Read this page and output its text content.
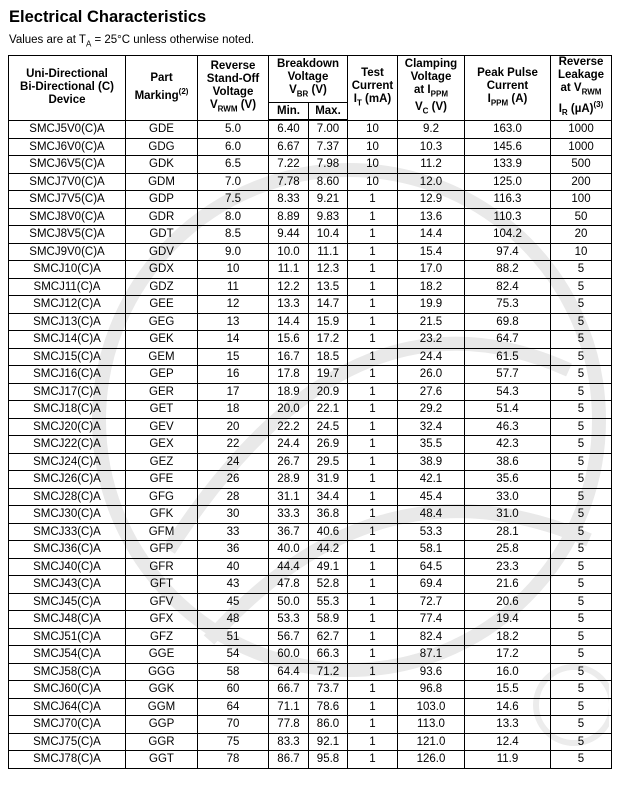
Electrical Characteristics
Values are at $T_A = 25^\circ C$ unless otherwise noted.
Uni-Directional
Bi-Directional (C)
Device	Part Marking$^{(2)}$	Reverse
Stand-Off
Voltage
$V_{RWM}$ (V)	Breakdown
Voltage
$V_{BR}$ (V)		Test
Current
$I_T$ (mA)	Clamping
Voltage
at $I_{PPM}$
$V_C$ (V)	Peak Pulse
Current
$I_{PPM}$ (A)	Reverse
Leakage
at $V_{RWM}$
$I_R$ $(\mu A)^{(3)}$
			Min.	Max.				
SMCJ5V0(C)A	GDE	5.0	6.40	7.00	10	9.2	163.0	1000
SMCJ6V0(C)A	GDG	6.0	6.67	7.37	10	10.3	145.6	1000
SMCJ6V5(C)A	GDK	6.5	7.22	7.98	10	11.2	133.9	500
SMCJ7V0(C)A	GDM	7.0	7.78	8.60	10	12.0	125.0	200
SMCJ7V5(C)A	GDP	7.5	8.33	9.21	1	12.9	116.3	100
SMCJ8V0(C)A	GDR	8.0	8.89	9.83	1	13.6	110.3	50
SMCJ8V5(C)A	GDT	8.5	9.44	10.4	1	14.4	104.2	20
SMCJ9V0(C)A	GDV	9.0	10.0	11.1	1	15.4	97.4	10
SMCJ10(C)A	GDX	10	11.1	12.3	1	17.0	88.2	5
SMCJ11(C)A	GDZ	11	12.2	13.5	1	18.2	82.4	5
SMCJ12(C)A	GEE	12	13.3	14.7	1	19.9	75.3	5
SMCJ13(C)A	GEG	13	14.4	15.9	1	21.5	69.8	5
SMCJ14(C)A	GEK	14	15.6	17.2	1	23.2	64.7	5
SMCJ15(C)A	GEM	15	16.7	18.5	1	24.4	61.5	5
SMCJ16(C)A	GEP	16	17.8	19.7	1	26.0	57.7	5
SMCJ17(C)A	GER	17	18.9	20.9	1	27.6	54.3	5
SMCJ18(C)A	GET	18	20.0	22.1	1	29.2	51.4	5
SMCJ20(C)A	GEV	20	22.2	24.5	1	32.4	46.3	5
SMCJ22(C)A	GEX	22	24.4	26.9	1	35.5	42.3	5
SMCJ24(C)A	GEZ	24	26.7	29.5	1	38.9	38.6	5
SMCJ26(C)A	GFE	26	28.9	31.9	1	42.1	35.6	5
SMCJ28(C)A	GFG	28	31.1	34.4	1	45.4	33.0	5
SMCJ30(C)A	GFK	30	33.3	36.8	1	48.4	31.0	5
SMCJ33(C)A	GFM	33	36.7	40.6	1	53.3	28.1	5
SMCJ36(C)A	GFP	36	40.0	44.2	1	58.1	25.8	5
SMCJ40(C)A	GFR	40	44.4	49.1	1	64.5	23.3	5
SMCJ43(C)A	GFT	43	47.8	52.8	1	69.4	21.6	5
SMCJ45(C)A	GFV	45	50.0	55.3	1	72.7	20.6	5
SMCJ48(C)A	GFX	48	53.3	58.9	1	77.4	19.4	5
SMCJ51(C)A	GFZ	51	56.7	62.7	1	82.4	18.2	5
SMCJ54(C)A	GGE	54	60.0	66.3	1	87.1	17.2	5
SMCJ58(C)A	GGG	58	64.4	71.2	1	93.6	16.0	5
SMCJ60(C)A	GGK	60	66.7	73.7	1	96.8	15.5	5
SMCJ64(C)A	GGM	64	71.1	78.6	1	103.0	14.6	5
SMCJ70(C)A	GGP	70	77.8	86.0	1	113.0	13.3	5
SMCJ75(C)A	GGR	75	83.3	92.1	1	121.0	12.4	5
SMCJ78(C)A	GGT	78	86.7	95.8	1	126.0	11.9	5
